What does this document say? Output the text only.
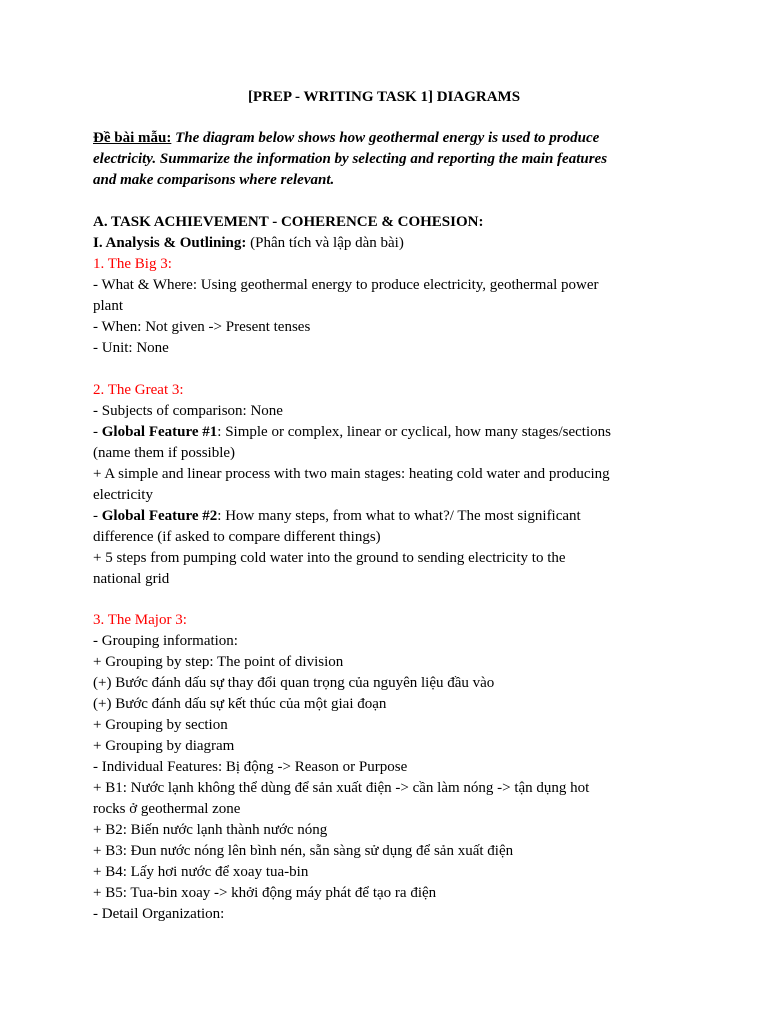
[PREP - WRITING TASK 1] DIAGRAMS
Đề bài mẫu: The diagram below shows how geothermal energy is used to produce
electricity. Summarize the information by selecting and reporting the main features
and make comparisons where relevant.
A. TASK ACHIEVEMENT - COHERENCE & COHESION:
I. Analysis & Outlining: (Phân tích và lập dàn bài)
1. The Big 3:
- What & Where: Using geothermal energy to produce electricity, geothermal power
plant
- When: Not given -> Present tenses
- Unit: None
2. The Great 3:
- Subjects of comparison: None
- Global Feature #1: Simple or complex, linear or cyclical, how many stages/sections
(name them if possible)
+ A simple and linear process with two main stages: heating cold water and producing
electricity
- Global Feature #2: How many steps, from what to what?/ The most significant
difference (if asked to compare different things)
+ 5 steps from pumping cold water into the ground to sending electricity to the
national grid
3. The Major 3:
- Grouping information:
+ Grouping by step: The point of division
(+) Bước đánh dấu sự thay đổi quan trọng của nguyên liệu đầu vào
(+) Bước đánh dấu sự kết thúc của một giai đoạn
+ Grouping by section
+ Grouping by diagram
- Individual Features: Bị động -> Reason or Purpose
+ B1: Nước lạnh không thể dùng để sản xuất điện -> cần làm nóng -> tận dụng hot
rocks ở geothermal zone
+ B2: Biến nước lạnh thành nước nóng
+ B3: Đun nước nóng lên bình nén, sẵn sàng sử dụng để sản xuất điện
+ B4: Lấy hơi nước để xoay tua-bin
+ B5: Tua-bin xoay -> khởi động máy phát để tạo ra điện
- Detail Organization:
